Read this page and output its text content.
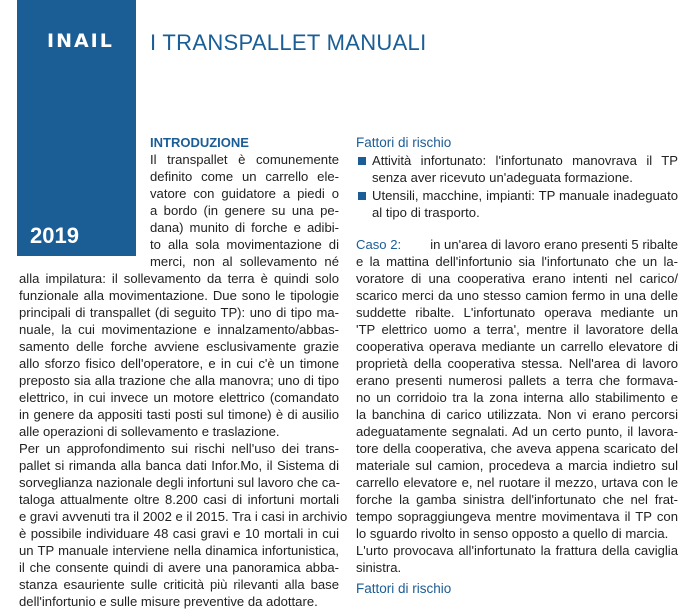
INAIL
2019
I TRANSPALLET MANUALI
INTRODUZIONE
Il transpallet è comunemente
definito come un carrello ele-
vatore con guidatore a piedi o
a bordo (in genere su una pe-
dana) munito di forche e adibi-
to alla sola movimentazione di
merci, non al sollevamento né
alla impilatura: il sollevamento da terra è quindi solo
funzionale alla movimentazione. Due sono le tipologie
principali di transpallet (di seguito TP): uno di tipo ma-
nuale, la cui movimentazione e innalzamento/abbas-
samento delle forche avviene esclusivamente grazie
allo sforzo fisico dell'operatore, e in cui c'è un timone
preposto sia alla trazione che alla manovra; uno di tipo
elettrico, in cui invece un motore elettrico (comandato
in genere da appositi tasti posti sul timone) è di ausilio
alle operazioni di sollevamento e traslazione.
Per un approfondimento sui rischi nell'uso dei trans-
pallet si rimanda alla banca dati Infor.Mo, il Sistema di
sorveglianza nazionale degli infortuni sul lavoro che ca-
taloga attualmente oltre 8.200 casi di infortuni mortali
e gravi avvenuti tra il 2002 e il 2015. Tra i casi in archivio
è possibile individuare 48 casi gravi e 10 mortali in cui
un TP manuale interviene nella dinamica infortunistica,
il che consente quindi di avere una panoramica abba-
stanza esauriente sulle criticità più rilevanti alla base
dell'infortunio e sulle misure preventive da adottare.
Fattori di rischio
Attività infortunato: l'infortunato manovrava il TP
senza aver ricevuto un'adeguata formazione.
Utensili, macchine, impianti: TP manuale inadeguato
al tipo di trasporto.
Caso 2: in un'area di lavoro erano presenti 5 ribalte
Fattori di rischio
e la mattina dell'infortunio sia l'infortunato che un la-
voratore di una cooperativa erano intenti nel carico/
scarico merci da uno stesso camion fermo in una delle
suddette ribalte. L'infortunato operava mediante un
'TP elettrico uomo a terra', mentre il lavoratore della
cooperativa operava mediante un carrello elevatore di
proprietà della cooperativa stessa. Nell'area di lavoro
erano presenti numerosi pallets a terra che formava-
no un corridoio tra la zona interna allo stabilimento e
la banchina di carico utilizzata. Non vi erano percorsi
adeguatamente segnalati. Ad un certo punto, il lavora-
tore della cooperativa, che aveva appena scaricato del
materiale sul camion, procedeva a marcia indietro sul
carrello elevatore e, nel ruotare il mezzo, urtava con le
forche la gamba sinistra dell'infortunato che nel frat-
tempo sopraggiungeva mentre movimentava il TP con
lo sguardo rivolto in senso opposto a quello di marcia.
L'urto provocava all'infortunato la frattura della caviglia
sinistra.
